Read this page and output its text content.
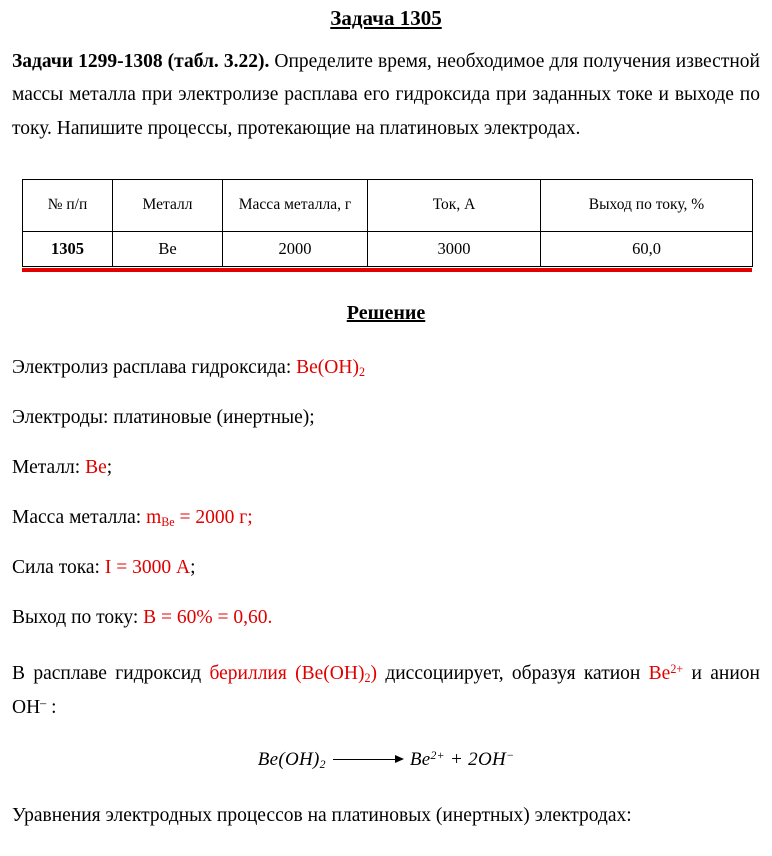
Задача 1305

Задачи 1299-1308 (табл. 3.22). Определите время, необходимое для получения известной массы металла при электролизе расплава его гидроксида при заданных токе и выходе по току. Напишите процессы, протекающие на платиновых электродах.

№ п/п	Металл	Масса металла, г	Ток, А	Выход по току, %
1305	Be	2000	3000	60,0
Решение

Электролиз расплава гидроксида: $Be(OH)_2$

Электроды: платиновые (инертные);

Металл: Be;

Масса металла: $m_{Be} = 2000$ г;

Сила тока: I = 3000 А;

Выход по току: В = 60% = 0,60.

В расплаве гидроксид бериллия $(Be(OH)_2)$ диссоциирует, образуя катион $Be^{2+}$ и анион ОН– :

$Be(OH)_2$	$Be^{2+} + 2OH^-$

Уравнения электродных процессов на платиновых (инертных) электродах:
